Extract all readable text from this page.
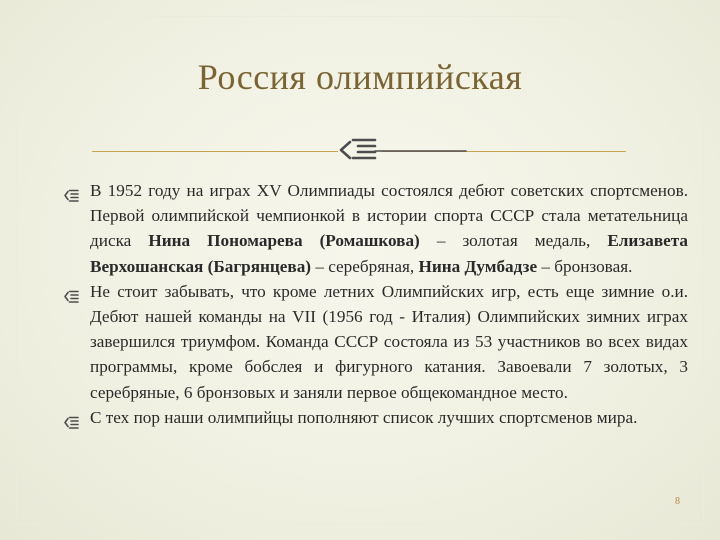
Россия олимпийская
В 1952 году на играх XV Олимпиады состоялся дебют советских спортсменов. Первой олимпийской чемпионкой в истории спорта СССР стала метательница диска Нина Пономарева (Ромашкова) – золотая медаль, Елизавета Верхошанская (Багрянцева) – серебряная, Нина Думбадзе – бронзовая.
Не стоит забывать, что кроме летних Олимпийских игр, есть еще зимние о.и. Дебют нашей команды на VII (1956 год - Италия) Олимпийских зимних играх завершился триумфом. Команда СССР состояла из 53 участников во всех видах программы, кроме бобслея и фигурного катания. Завоевали 7 золотых, 3 серебряные, 6 бронзовых и заняли первое общекомандное место.
С тех пор наши олимпийцы пополняют список лучших спортсменов мира.
8
